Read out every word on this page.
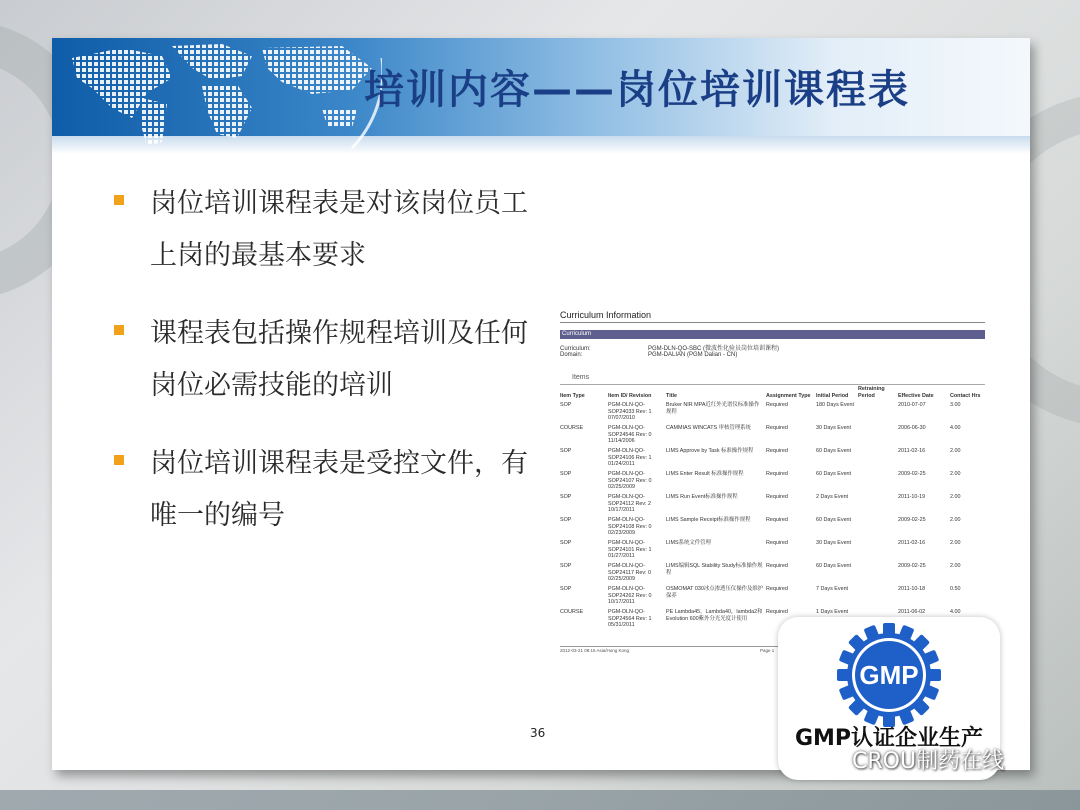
培训内容——岗位培训课程表
岗位培训课程表是对该岗位员工上岗的最基本要求
课程表包括操作规程培训及任何岗位必需技能的培训
岗位培训课程表是受控文件，有唯一的编号
Curriculum Information
Curriculum
Curriculum:	PGM-DLN-QO-SBC (微波性化验员岗位培训课程)
Domain:	PGM-DALIAN (PGM Dalian - CN)
Items
Item Type	Item ID/ Revision	Title	Assignment Type	Initial Period	Retraining Period	Effective Date	Contact Hrs
SOP	PGM-DLN-QO-SOP24033 Rev: 1 07/07/2010	Bruker NIR MPA近红外光谱仪标准操作规程	Required	180 Days Event		2010-07-07	3.00
COURSE	PGM-DLN-QO-SOP24546 Rev: 0 11/14/2006	CAMMIAS WINCATS 审核管理系统	Required	30 Days Event		2006-06-30	4.00
SOP	PGM-DLN-QO-SOP24106 Rev: 1 01/24/2011	LIMS Approve by Task 标准操作规程	Required	60 Days Event		2011-02-16	2.00
SOP	PGM-DLN-QO-SOP24107 Rev: 0 02/25/2009	LIMS Enter Result 标准操作规程	Required	60 Days Event		2009-02-25	2.00
SOP	PGM-DLN-QO-SOP24112 Rev: 2 10/17/2011	LIMS Run Event标准操作规程	Required	2 Days Event		2011-10-19	2.00
SOP	PGM-DLN-QO-SOP24108 Rev: 0 02/23/2009	LIMS Sample Receipt标准操作规程	Required	60 Days Event		2009-02-25	2.00
SOP	PGM-DLN-QO-SOP24101 Rev: 1 01/27/2011	LIMS系统文件管理	Required	30 Days Event		2011-02-16	2.00
SOP	PGM-DLN-QO-SOP24117 Rev: 0 02/25/2009	LIMS编辑SQL Stability Study标准操作规程	Required	60 Days Event		2009-02-25	2.00
SOP	PGM-DLN-QO-SOP24262 Rev: 0 10/17/2011	OSMOMAT 030冰点渗透压仪操作及维护保养	Required	7 Days Event		2011-10-18	0.50
COURSE	PGM-DLN-QO-SOP24564 Rev: 1 05/31/2011	PE Lambda45，Lambda40，lambda2和Evolution 600紫外分光光度计使用	Required	1 Days Event		2011-06-02	4.00
2012-03-21 08:16 Asia/Hong Kong	Page 1
36
GMP
GMP认证企业生产
CROU制药在线
